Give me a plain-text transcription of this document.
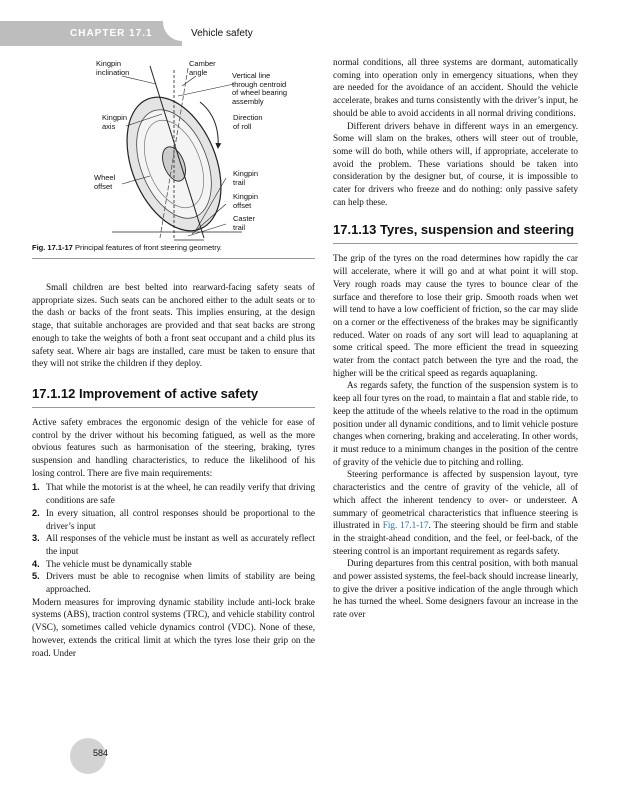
CHAPTER 17.1	Vehicle safety
Kingpin
inclination
Camber
angle	Vertical line
through centroid
of wheel bearing
assembly
Kingpin
axis
Direction
of roll
Wheel
offset
Kingpin
trail
Kingpin
offset
Caster
trail
Fig. 17.1-17 Principal features of front steering geometry.

Small children are best belted into rearward-facing safety seats of appropriate sizes. Such seats can be anchored either to the adult seats or to the dash or backs of the front seats. This implies ensuring, at the design stage, that suitable anchorages are provided and that seat backs are strong enough to take the weights of both a front seat occupant and a child plus its safety seat. Where air bags are installed, care must be taken to ensure that they will not strike the children if they deploy.

17.1.12 Improvement of active safety

Active safety embraces the ergonomic design of the vehicle for ease of control by the driver without his becoming fatigued, as well as the more obvious features such as harmonisation of the steering, braking, tyres suspension and handling characteristics, to reduce the likelihood of his losing control. There are five main requirements:

1. That while the motorist is at the wheel, he can readily verify that driving conditions are safe
2. In every situation, all control responses should be proportional to the driver’s input
3. All responses of the vehicle must be instant as well as accurately reflect the input
4. The vehicle must be dynamically stable
5. Drivers must be able to recognise when limits of stability are being approached.

Modern measures for improving dynamic stability include anti-lock brake systems (ABS), traction control systems (TRC), and vehicle stability control (VSC), sometimes called vehicle dynamics control (VDC). None of these, however, extends the critical limit at which the tyres lose their grip on the road. Under

normal conditions, all three systems are dormant, automatically coming into operation only in emergency situations, when they are needed for the avoidance of an accident. Should the vehicle accelerate, brakes and turns consistently with the driver’s input, he should be able to avoid accidents in all normal driving conditions.

Different drivers behave in different ways in an emergency. Some will slam on the brakes, others will steer out of trouble, some will do both, while others will, if appropriate, accelerate to avoid the problem. These variations should be taken into consideration by the designer but, of course, it is impossible to cater for drivers who freeze and do nothing: only passive safety can help these.

17.1.13 Tyres, suspension and steering

The grip of the tyres on the road determines how rapidly the car will accelerate, where it will go and at what point it will stop. Very rough roads may cause the tyres to bounce clear of the surface and therefore to lose their grip. Smooth roads when wet will tend to have a low coefficient of friction, so the car may slide on a corner or the effectiveness of the brakes may be significantly reduced. Water on roads of any sort will lead to aquaplaning at some critical speed. The more efficient the tread in squeezing water from the contact patch between the tyre and the road, the higher will be the critical speed as regards aquaplaning.

As regards safety, the function of the suspension system is to keep all four tyres on the road, to maintain a flat and stable ride, to keep the attitude of the wheels relative to the road in the optimum position under all dynamic conditions, and to limit vehicle posture changes when cornering, braking and accelerating. In other words, it must reduce to a minimum changes in the position of the centre of gravity of the vehicle due to pitching and rolling.

Steering performance is affected by suspension layout, tyre characteristics and the centre of gravity of the vehicle, all of which affect the inherent tendency to over- or understeer. A summary of geometrical characteristics that influence steering is illustrated in Fig. 17.1-17. The steering should be firm and stable in the straight-ahead condition, and the feel, or feel-back, of the steering control is an important requirement as regards safety.

During departures from this central position, with both manual and power assisted systems, the feel-back should increase linearly, to give the driver a positive indication of the angle through which he has turned the wheel. Some designers favour an increase in the rate over

584
